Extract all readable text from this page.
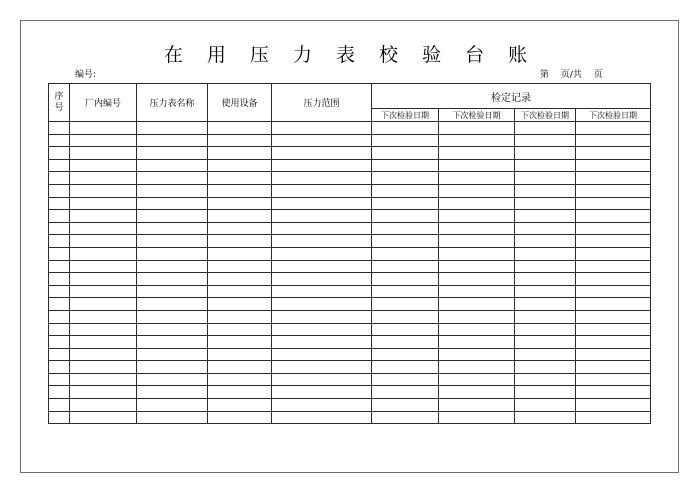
在 用 压 力 表 校 验 台 账
编号:	第　 页/共　 页
序号	厂内编号	压力表名称	使用设备	压力范围	检定记录			
					下次检验日期	下次检验日期	下次检验日期	下次检验日期
